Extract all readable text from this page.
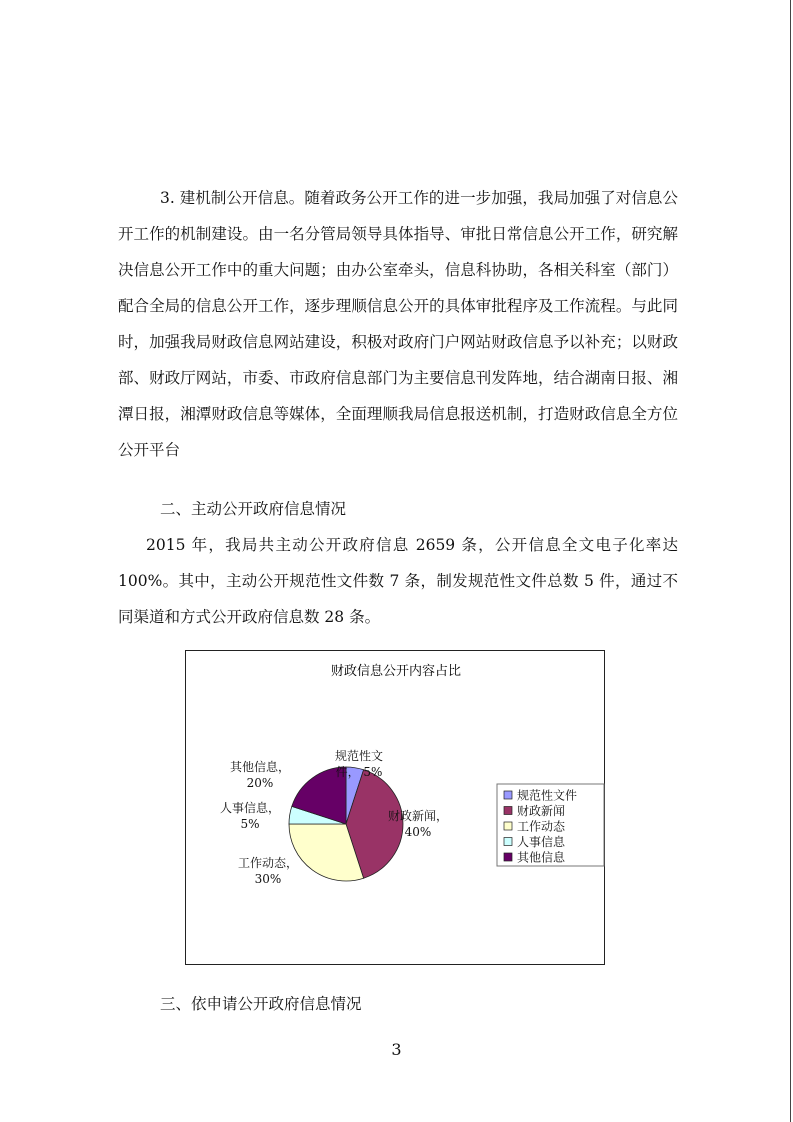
3. 建机制公开信息。随着政务公开工作的进一步加强，我局加强了对信息公开工作的机制建设。由一名分管局领导具体指导、审批日常信息公开工作，研究解决信息公开工作中的重大问题；由办公室牵头，信息科协助，各相关科室（部门）配合全局的信息公开工作，逐步理顺信息公开的具体审批程序及工作流程。与此同时，加强我局财政信息网站建设，积极对政府门户网站财政信息予以补充；以财政部、财政厅网站，市委、市政府信息部门为主要信息刊发阵地，结合湖南日报、湘潭日报，湘潭财政信息等媒体，全面理顺我局信息报送机制，打造财政信息全方位公开平台

二、主动公开政府信息情况

2015 年，我局共主动公开政府信息 2659 条，公开信息全文电子化率达 100%。其中，主动公开规范性文件数 7 条，制发规范性文件总数 5 件，通过不同渠道和方式公开政府信息数 28 条。

财政信息公开内容占比
规范性文件， 5%
财政新闻， 40%
工作动态， 30%
人事信息， 5%
其他信息， 20%
规范性文件
财政新闻
工作动态
人事信息
其他信息

三、依申请公开政府信息情况

3
